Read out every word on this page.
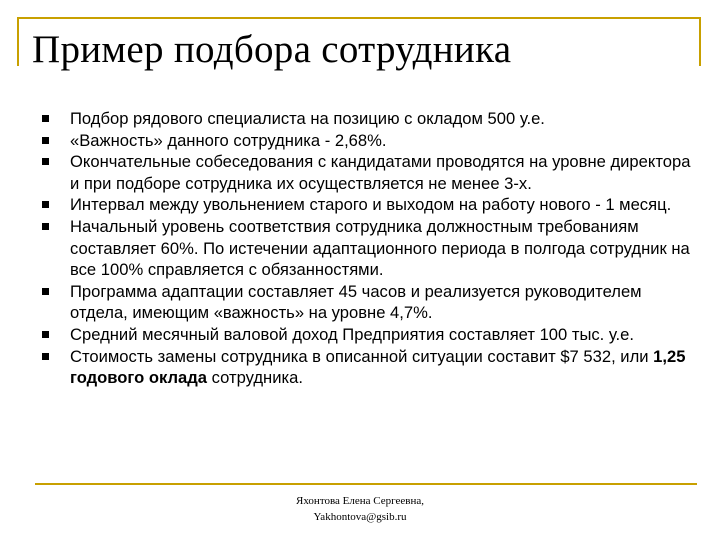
Пример подбора сотрудника
Подбор рядового специалиста на позицию с окладом 500 у.е.
«Важность» данного сотрудника - 2,68%.
Окончательные собеседования с кандидатами проводятся на уровне директора и при подборе сотрудника их осуществляется не менее 3-х.
Интервал между увольнением старого и выходом на работу нового - 1 месяц.
Начальный уровень соответствия сотрудника должностным требованиям составляет 60%. По истечении адаптационного периода в полгода сотрудник на все 100% справляется с обязанностями.
Программа адаптации составляет 45 часов и реализуется руководителем отдела, имеющим «важность» на уровне 4,7%.
Средний месячный валовой доход Предприятия составляет 100 тыс. у.е.
Стоимость замены сотрудника в описанной ситуации составит $7 532, или 1,25 годового оклада сотрудника.
Яхонтова Елена Сергеевна,
Yakhontova@gsib.ru
